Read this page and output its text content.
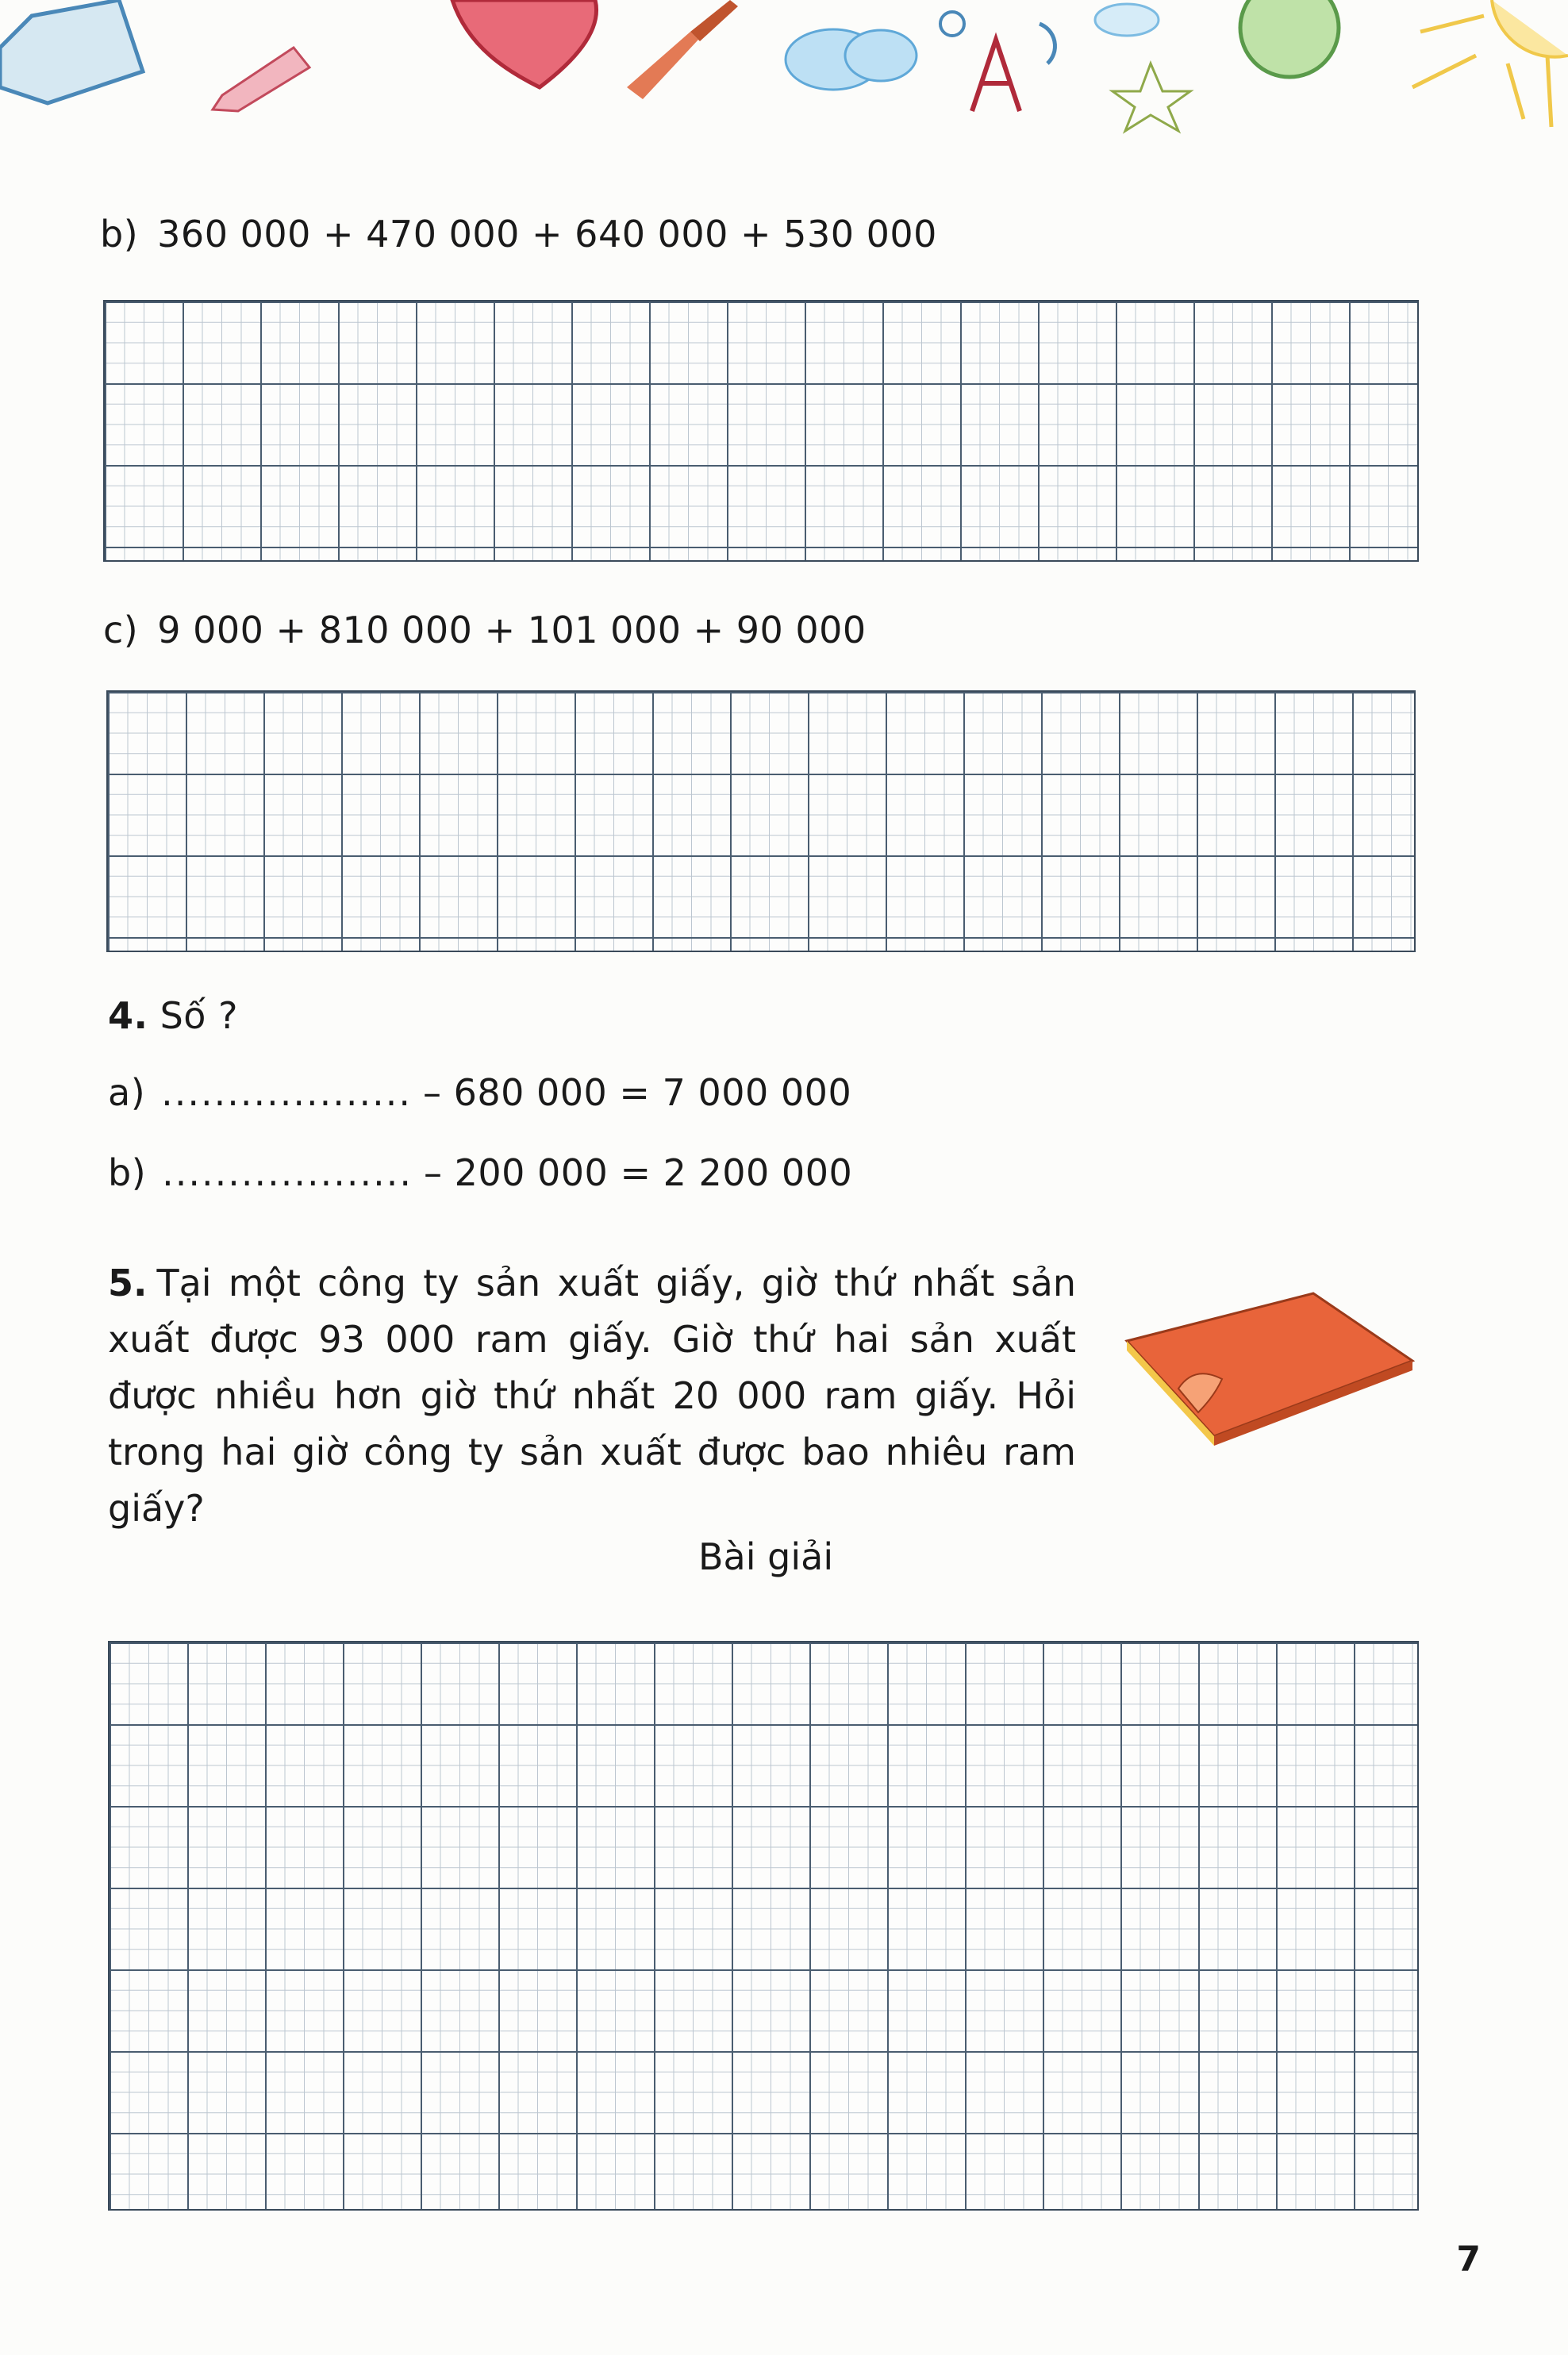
b) 360 000 + 470 000 + 640 000 + 530 000
c) 9 000 + 810 000 + 101 000 + 90 000
4. Số ?
a) ................... – 680 000 = 7 000 000
b) ................... – 200 000 = 2 200 000
5. Tại một công ty sản xuất giấy, giờ thứ nhất sản xuất được 93 000 ram giấy. Giờ thứ hai sản xuất được nhiều hơn giờ thứ nhất 20 000 ram giấy. Hỏi trong hai giờ công ty sản xuất được bao nhiêu ram giấy?
Bài giải
7
